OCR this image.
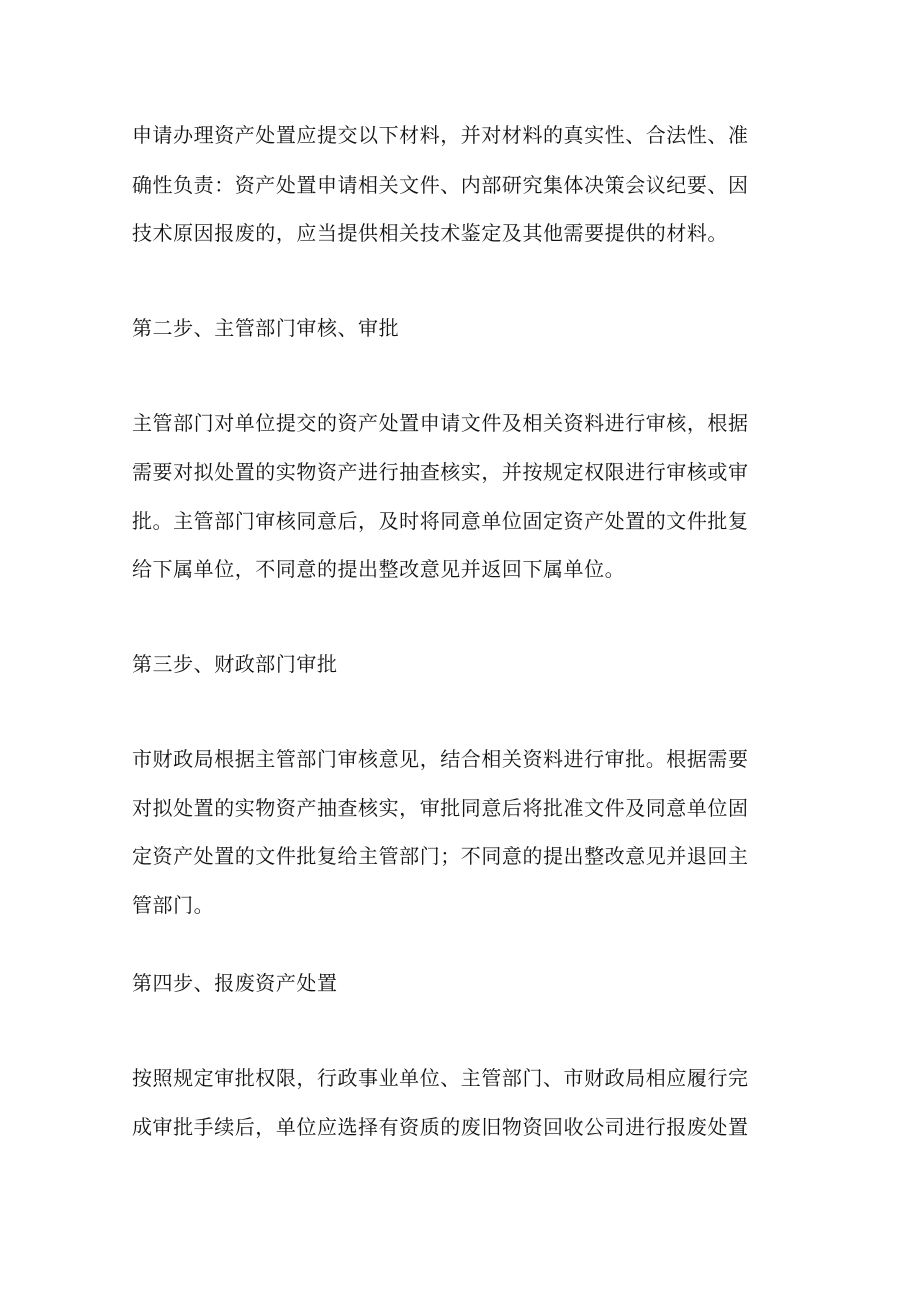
申请办理资产处置应提交以下材料，并对材料的真实性、合法性、准

确性负责：资产处置申请相关文件、内部研究集体决策会议纪要、因

技术原因报废的，应当提供相关技术鉴定及其他需要提供的材料。

第二步、主管部门审核、审批

主管部门对单位提交的资产处置申请文件及相关资料进行审核，根据

需要对拟处置的实物资产进行抽查核实，并按规定权限进行审核或审

批。主管部门审核同意后，及时将同意单位固定资产处置的文件批复

给下属单位，不同意的提出整改意见并返回下属单位。

第三步、财政部门审批

市财政局根据主管部门审核意见，结合相关资料进行审批。根据需要

对拟处置的实物资产抽查核实，审批同意后将批准文件及同意单位固

定资产处置的文件批复给主管部门；不同意的提出整改意见并退回主

管部门。

第四步、报废资产处置

按照规定审批权限，行政事业单位、主管部门、市财政局相应履行完

成审批手续后，单位应选择有资质的废旧物资回收公司进行报废处置
